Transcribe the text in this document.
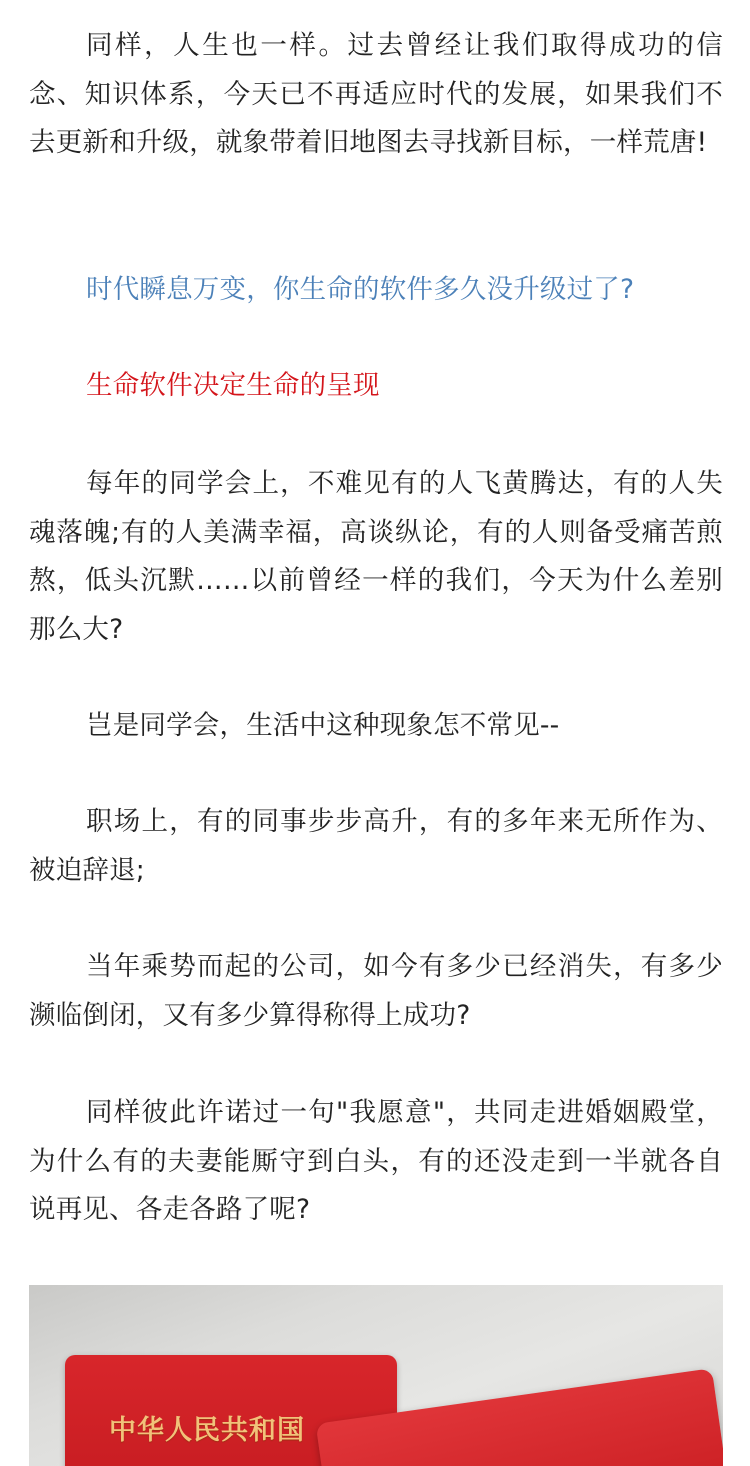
同样，人生也一样。过去曾经让我们取得成功的信念、知识体系，今天已不再适应时代的发展，如果我们不去更新和升级，就象带着旧地图去寻找新目标，一样荒唐!

时代瞬息万变，你生命的软件多久没升级过了?

生命软件决定生命的呈现

每年的同学会上，不难见有的人飞黄腾达，有的人失魂落魄;有的人美满幸福，高谈纵论，有的人则备受痛苦煎熬，低头沉默……以前曾经一样的我们，今天为什么差别那么大?

岂是同学会，生活中这种现象怎不常见--

职场上，有的同事步步高升，有的多年来无所作为、被迫辞退;

当年乘势而起的公司，如今有多少已经消失，有多少濒临倒闭，又有多少算得称得上成功?

同样彼此许诺过一句"我愿意"，共同走进婚姻殿堂，为什么有的夫妻能厮守到白头，有的还没走到一半就各自说再见、各走各路了呢?

中华人民共和国
